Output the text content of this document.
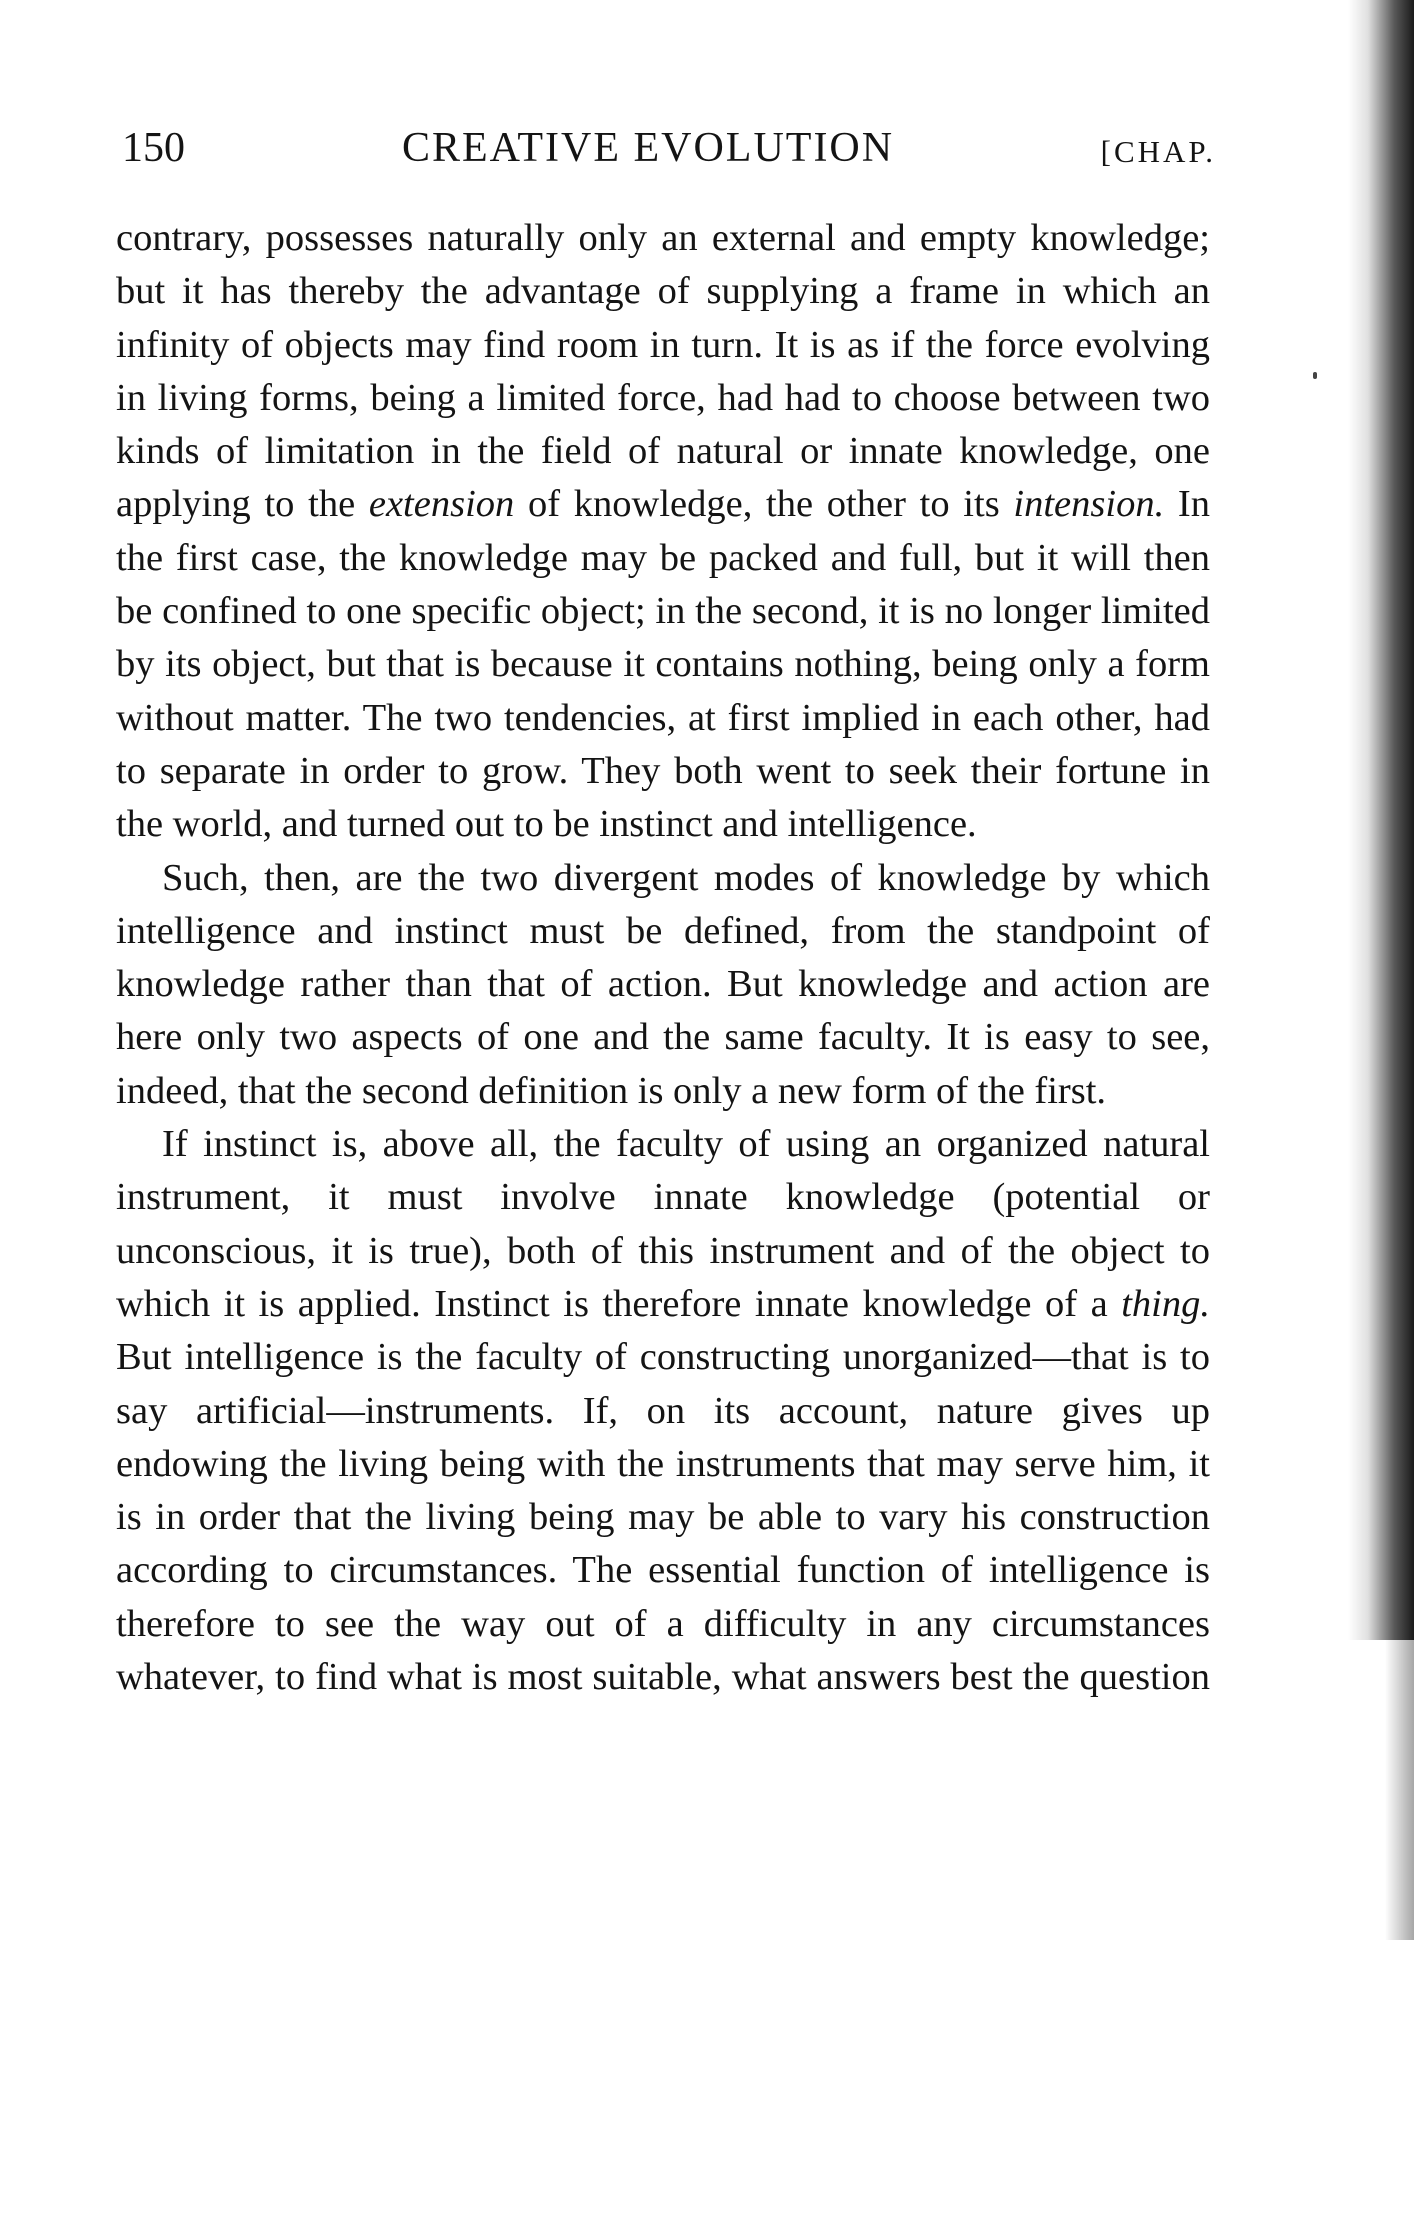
150	CREATIVE EVOLUTION	[CHAP.

contrary, possesses naturally only an external and empty knowledge; but it has thereby the advantage of supplying a frame in which an infinity of objects may find room in turn. It is as if the force evolving in living forms, being a limited force, had had to choose between two kinds of limitation in the field of natural or innate knowledge, one applying to the extension of knowledge, the other to its intension. In the first case, the knowledge may be packed and full, but it will then be confined to one specific object; in the second, it is no longer limited by its object, but that is because it contains nothing, being only a form without matter. The two tendencies, at first implied in each other, had to separate in order to grow. They both went to seek their fortune in the world, and turned out to be instinct and intelligence.

Such, then, are the two divergent modes of knowledge by which intelligence and instinct must be defined, from the standpoint of knowledge rather than that of action. But knowledge and action are here only two aspects of one and the same faculty. It is easy to see, indeed, that the second definition is only a new form of the first.

If instinct is, above all, the faculty of using an organized natural instrument, it must involve innate knowledge (potential or unconscious, it is true), both of this instrument and of the object to which it is applied. Instinct is therefore innate knowledge of a thing. But intelligence is the faculty of constructing unorganized—that is to say artificial—instruments. If, on its account, nature gives up endowing the living being with the instruments that may serve him, it is in order that the living being may be able to vary his construction according to circumstances. The essential function of intelligence is therefore to see the way out of a difficulty in any circumstances whatever, to find what is most suitable, what answers best the question
